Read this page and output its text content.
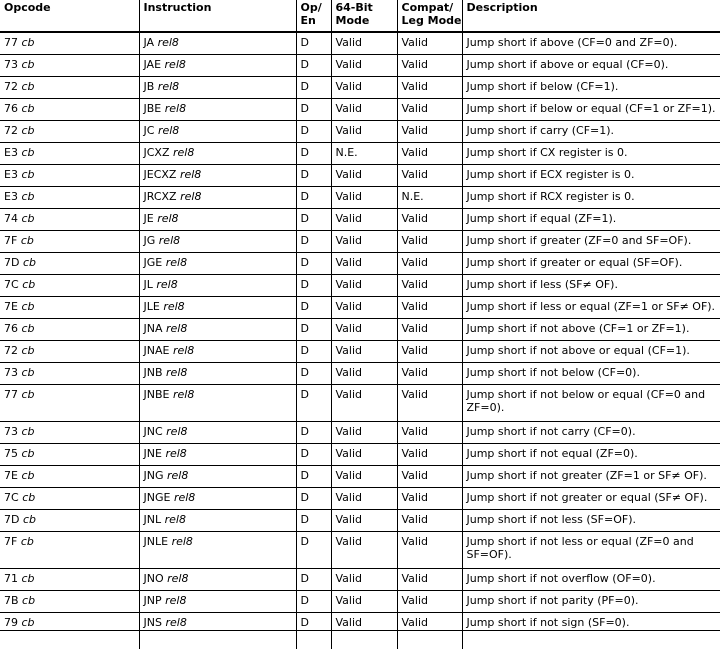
Opcode	Instruction	Op/ En	64-Bit Mode	Compat/ Leg Mode	Description
77 cb	JA rel8	D	Valid	Valid	Jump short if above (CF=0 and ZF=0).
73 cb	JAE rel8	D	Valid	Valid	Jump short if above or equal (CF=0).
72 cb	JB rel8	D	Valid	Valid	Jump short if below (CF=1).
76 cb	JBE rel8	D	Valid	Valid	Jump short if below or equal (CF=1 or ZF=1).
72 cb	JC rel8	D	Valid	Valid	Jump short if carry (CF=1).
E3 cb	JCXZ rel8	D	N.E.	Valid	Jump short if CX register is 0.
E3 cb	JECXZ rel8	D	Valid	Valid	Jump short if ECX register is 0.
E3 cb	JRCXZ rel8	D	Valid	N.E.	Jump short if RCX register is 0.
74 cb	JE rel8	D	Valid	Valid	Jump short if equal (ZF=1).
7F cb	JG rel8	D	Valid	Valid	Jump short if greater (ZF=0 and SF=OF).
7D cb	JGE rel8	D	Valid	Valid	Jump short if greater or equal (SF=OF).
7C cb	JL rel8	D	Valid	Valid	Jump short if less (SF≠ OF).
7E cb	JLE rel8	D	Valid	Valid	Jump short if less or equal (ZF=1 or SF≠ OF).
76 cb	JNA rel8	D	Valid	Valid	Jump short if not above (CF=1 or ZF=1).
72 cb	JNAE rel8	D	Valid	Valid	Jump short if not above or equal (CF=1).
73 cb	JNB rel8	D	Valid	Valid	Jump short if not below (CF=0).
77 cb	JNBE rel8	D	Valid	Valid	Jump short if not below or equal (CF=0 and ZF=0).
73 cb	JNC rel8	D	Valid	Valid	Jump short if not carry (CF=0).
75 cb	JNE rel8	D	Valid	Valid	Jump short if not equal (ZF=0).
7E cb	JNG rel8	D	Valid	Valid	Jump short if not greater (ZF=1 or SF≠ OF).
7C cb	JNGE rel8	D	Valid	Valid	Jump short if not greater or equal (SF≠ OF).
7D cb	JNL rel8	D	Valid	Valid	Jump short if not less (SF=OF).
7F cb	JNLE rel8	D	Valid	Valid	Jump short if not less or equal (ZF=0 and SF=OF).
71 cb	JNO rel8	D	Valid	Valid	Jump short if not overflow (OF=0).
7B cb	JNP rel8	D	Valid	Valid	Jump short if not parity (PF=0).
79 cb	JNS rel8	D	Valid	Valid	Jump short if not sign (SF=0).
